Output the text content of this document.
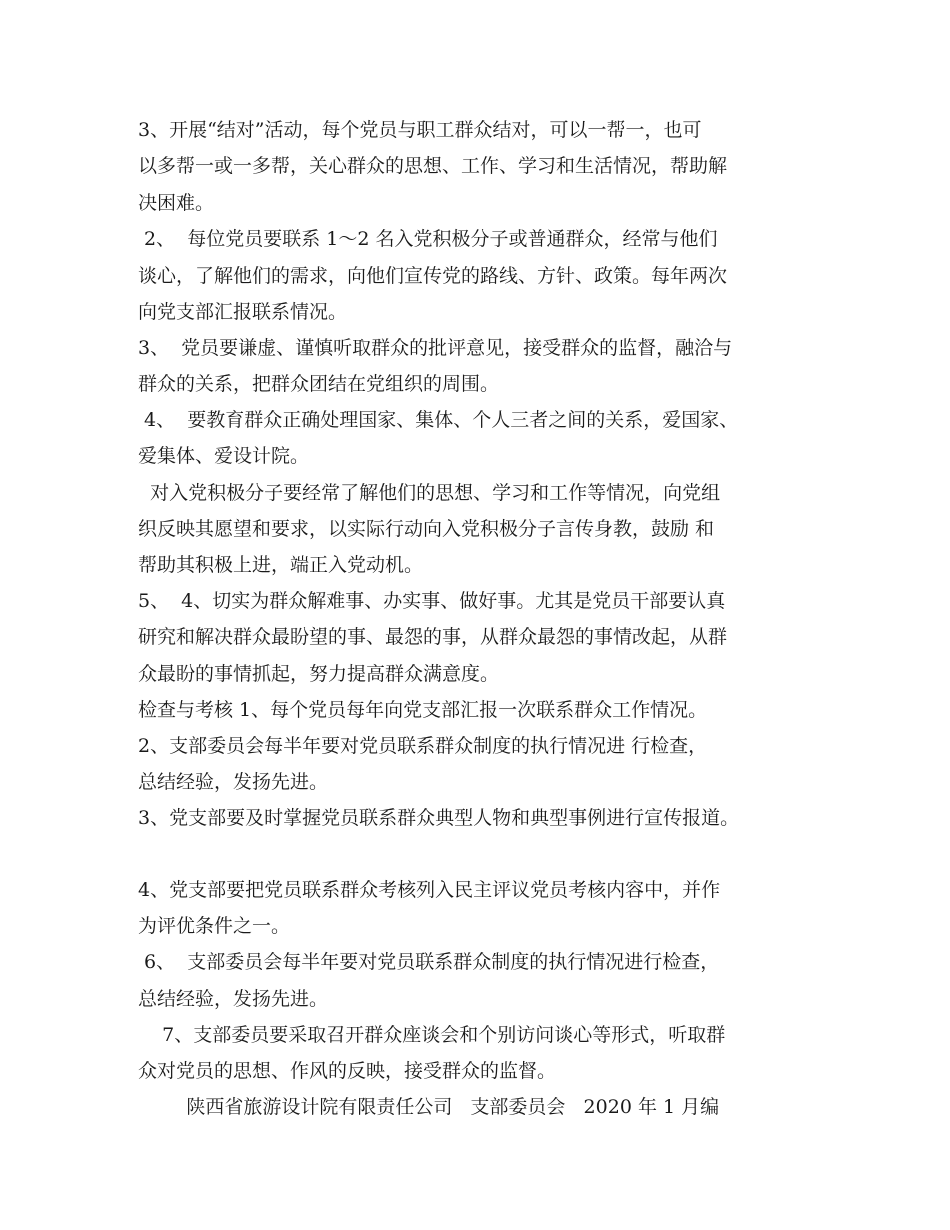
3、开展“结对”活动，每个党员与职工群众结对，可以一帮一，也可
以多帮一或一多帮，关心群众的思想、工作、学习和生活情况，帮助解
决困难。
2、  每位党员要联系 1～2 名入党积极分子或普通群众，经常与他们
谈心，了解他们的需求，向他们宣传党的路线、方针、政策。每年两次
向党支部汇报联系情况。
3、  党员要谦虚、谨慎听取群众的批评意见，接受群众的监督，融洽与
群众的关系，把群众团结在党组织的周围。
4、  要教育群众正确处理国家、集体、个人三者之间的关系，爱国家、
爱集体、爱设计院。
对入党积极分子要经常了解他们的思想、学习和工作等情况，向党组
织反映其愿望和要求，以实际行动向入党积极分子言传身教，鼓励 和
帮助其积极上进，端正入党动机。
5、  4、切实为群众解难事、办实事、做好事。尤其是党员干部要认真
研究和解决群众最盼望的事、最怨的事，从群众最怨的事情改起，从群
众最盼的事情抓起，努力提高群众满意度。
检查与考核 1、每个党员每年向党支部汇报一次联系群众工作情况。
2、支部委员会每半年要对党员联系群众制度的执行情况进 行检查，
总结经验，发扬先进。
3、党支部要及时掌握党员联系群众典型人物和典型事例进行宣传报道。
4、党支部要把党员联系群众考核列入民主评议党员考核内容中，并作
为评优条件之一。
6、  支部委员会每半年要对党员联系群众制度的执行情况进行检查，
总结经验，发扬先进。
7、支部委员要采取召开群众座谈会和个别访问谈心等形式，听取群
众对党员的思想、作风的反映，接受群众的监督。
陕西省旅游设计院有限责任公司   支部委员会   2020 年 1 月编
